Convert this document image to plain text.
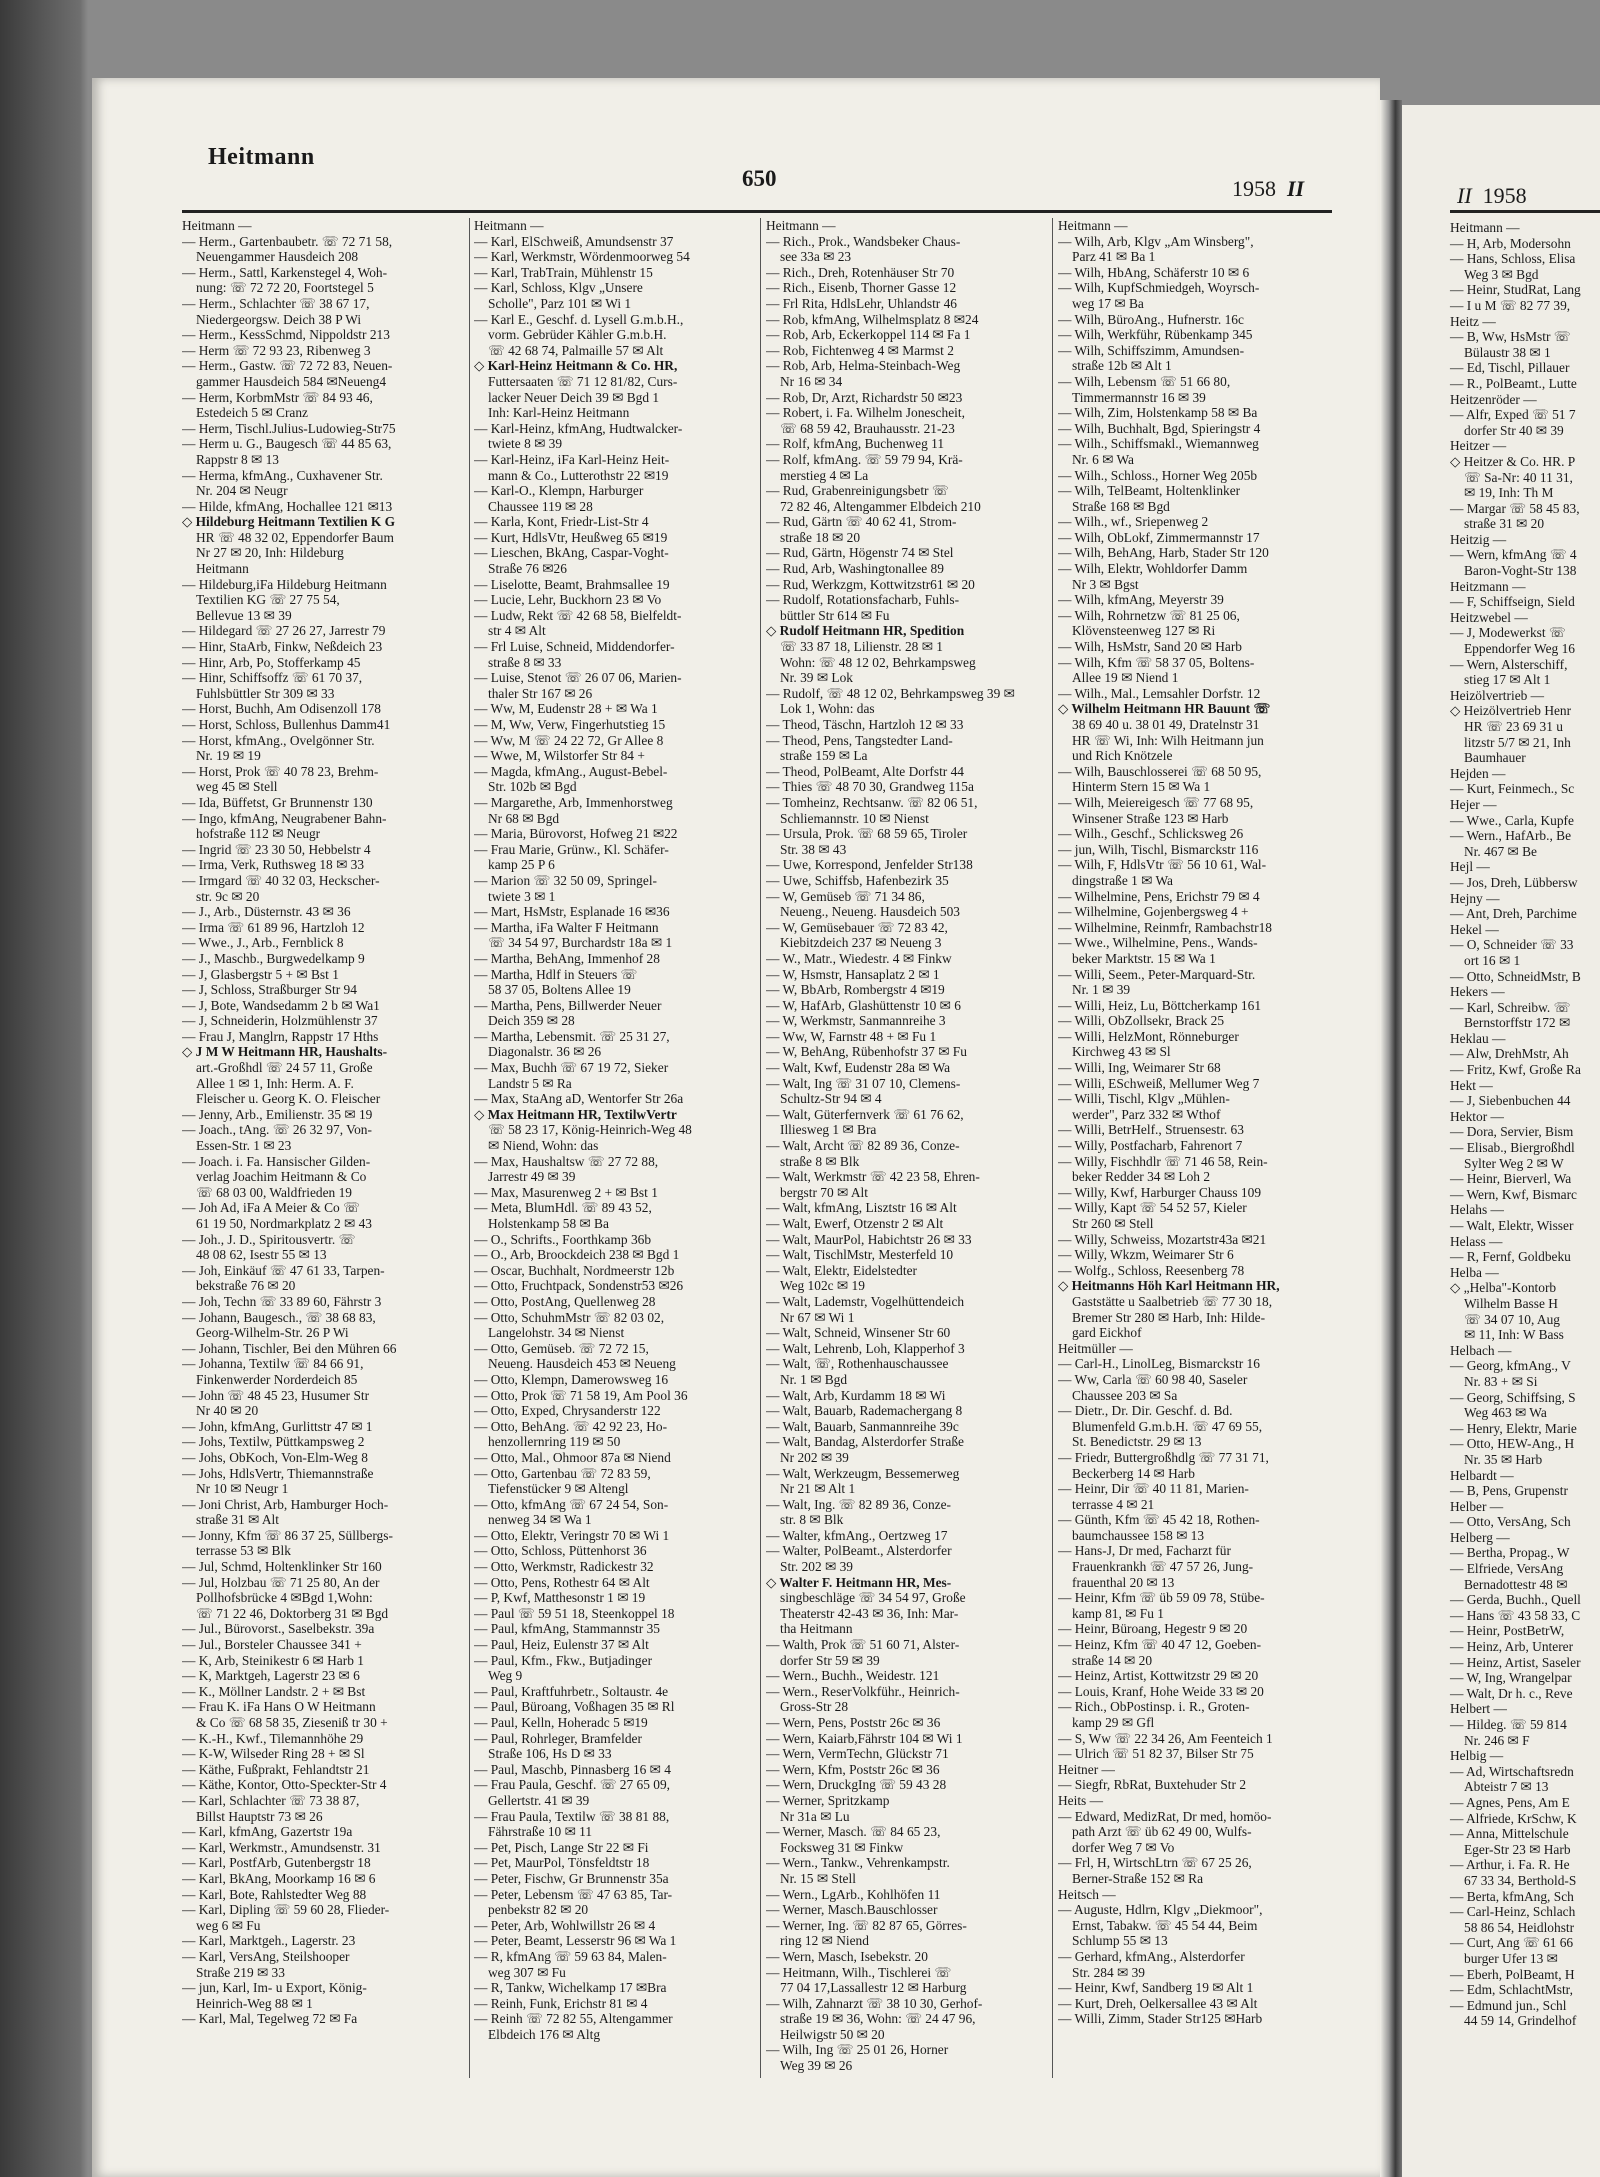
Heitmann
650	1958 II
Heitmann —
— Herm., Gartenbaubetr. ☏ 72 71 58,
Neuengammer Hausdeich 208
— Herm., Sattl, Karkenstegel 4, Woh-
nung: ☏ 72 72 20, Foortstegel 5
— Herm., Schlachter ☏ 38 67 17,
Niedergeorgsw. Deich 38 P Wi
— Herm., KessSchmd, Nippoldstr 213
— Herm ☏ 72 93 23, Ribenweg 3
— Herm., Gastw. ☏ 72 72 83, Neuen-
gammer Hausdeich 584 ✉Neueng4
— Herm, KorbmMstr ☏ 84 93 46,
Estedeich 5 ✉ Cranz
— Herm, Tischl.Julius-Ludowieg-Str75
— Herm u. G., Baugesch ☏ 44 85 63,
Rappstr 8 ✉ 13
— Herma, kfmAng., Cuxhavener Str.
Nr. 204 ✉ Neugr
— Hilde, kfmAng, Hochallee 121 ✉13
◇ Hildeburg Heitmann Textilien K G
HR ☏ 48 32 02, Eppendorfer Baum
Nr 27 ✉ 20, Inh: Hildeburg
Heitmann
— Hildeburg,iFa Hildeburg Heitmann
Textilien KG ☏ 27 75 54,
Bellevue 13 ✉ 39
— Hildegard ☏ 27 26 27, Jarrestr 79
— Hinr, StaArb, Finkw, Neßdeich 23
— Hinr, Arb, Po, Stofferkamp 45
— Hinr, Schiffsoffz ☏ 61 70 37,
Fuhlsbüttler Str 309 ✉ 33
— Horst, Buchh, Am Odisenzoll 178
— Horst, Schloss, Bullenhus Damm41
— Horst, kfmAng., Ovelgönner Str.
Nr. 19 ✉ 19
— Horst, Prok ☏ 40 78 23, Brehm-
weg 45 ✉ Stell
— Ida, Büffetst, Gr Brunnenstr 130
— Ingo, kfmAng, Neugrabener Bahn-
hofstraße 112 ✉ Neugr
— Ingrid ☏ 23 30 50, Hebbelstr 4
— Irma, Verk, Ruthsweg 18 ✉ 33
— Irmgard ☏ 40 32 03, Heckscher-
str. 9c ✉ 20
— J., Arb., Düsternstr. 43 ✉ 36
— Irma ☏ 61 89 96, Hartzloh 12
— Wwe., J., Arb., Fernblick 8
— J., Maschb., Burgwedelkamp 9
— J, Glasbergstr 5 + ✉ Bst 1
— J, Schloss, Straßburger Str 94
— J, Bote, Wandsedamm 2 b ✉ Wa1
— J, Schneiderin, Holzmühlenstr 37
— Frau J, Manglrn, Rappstr 17 Hths
◇ J M W Heitmann HR, Haushalts-
art.-Großhdl ☏ 24 57 11, Große
Allee 1 ✉ 1, Inh: Herm. A. F.
Fleischer u. Georg K. O. Fleischer
— Jenny, Arb., Emilienstr. 35 ✉ 19
— Joach., tAng. ☏ 26 32 97, Von-
Essen-Str. 1 ✉ 23
— Joach. i. Fa. Hansischer Gilden-
verlag Joachim Heitmann & Co
☏ 68 03 00, Waldfrieden 19
— Joh Ad, iFa A Meier & Co ☏
61 19 50, Nordmarkplatz 2 ✉ 43
— Joh., J. D., Spiritousvertr. ☏
48 08 62, Isestr 55 ✉ 13
— Joh, Einkäuf ☏ 47 61 33, Tarpen-
bekstraße 76 ✉ 20
— Joh, Techn ☏ 33 89 60, Fährstr 3
— Johann, Baugesch., ☏ 38 68 83,
Georg-Wilhelm-Str. 26 P Wi
— Johann, Tischler, Bei den Mühren 66
— Johanna, Textilw ☏ 84 66 91,
Finkenwerder Norderdeich 85
— John ☏ 48 45 23, Husumer Str
Nr 40 ✉ 20
— John, kfmAng, Gurlittstr 47 ✉ 1
— Johs, Textilw, Püttkampsweg 2
— Johs, ObKoch, Von-Elm-Weg 8
— Johs, HdlsVertr, Thiemannstraße
Nr 10 ✉ Neugr 1
— Joni Christ, Arb, Hamburger Hoch-
straße 31 ✉ Alt
— Jonny, Kfm ☏ 86 37 25, Süllbergs-
terrasse 53 ✉ Blk
— Jul, Schmd, Holtenklinker Str 160
— Jul, Holzbau ☏ 71 25 80, An der
Pollhofsbrücke 4 ✉Bgd 1,Wohn:
☏ 71 22 46, Doktorberg 31 ✉ Bgd
— Jul., Bürovorst., Saselbekstr. 39a
— Jul., Borsteler Chaussee 341 +
— K, Arb, Steinikestr 6 ✉ Harb 1
— K, Marktgeh, Lagerstr 23 ✉ 6
— K., Möllner Landstr. 2 + ✉ Bst
— Frau K. iFa Hans O W Heitmann
& Co ☏ 68 58 35, Zieseniß tr 30 +
— K.-H., Kwf., Tilemannhöhe 29
— K-W, Wilseder Ring 28 + ✉ Sl
— Käthe, Fußprakt, Fehlandtstr 21
— Käthe, Kontor, Otto-Speckter-Str 4
— Karl, Schlachter ☏ 73 38 87,
Billst Hauptstr 73 ✉ 26
— Karl, kfmAng, Gazertstr 19a
— Karl, Werkmstr., Amundsenstr. 31
— Karl, PostfArb, Gutenbergstr 18
— Karl, BkAng, Moorkamp 16 ✉ 6
— Karl, Bote, Rahlstedter Weg 88
— Karl, Dipling ☏ 59 60 28, Flieder-
weg 6 ✉ Fu
— Karl, Marktgeh., Lagerstr. 23
— Karl, VersAng, Steilshooper
Straße 219 ✉ 33
— jun, Karl, Im- u Export, König-
Heinrich-Weg 88 ✉ 1
— Karl, Mal, Tegelweg 72 ✉ Fa
Heitmann —
— Karl, ElSchweiß, Amundsenstr 37
— Karl, Werkmstr, Wördenmoorweg 54
— Karl, TrabTrain, Mühlenstr 15
— Karl, Schloss, Klgv „Unsere
Scholle", Parz 101 ✉ Wi 1
— Karl E., Geschf. d. Lysell G.m.b.H.,
vorm. Gebrüder Kähler G.m.b.H.
☏ 42 68 74, Palmaille 57 ✉ Alt
◇ Karl-Heinz Heitmann & Co. HR,
Futtersaaten ☏ 71 12 81/82, Curs-
lacker Neuer Deich 39 ✉ Bgd 1
Inh: Karl-Heinz Heitmann
— Karl-Heinz, kfmAng, Hudtwalcker-
twiete 8 ✉ 39
— Karl-Heinz, iFa Karl-Heinz Heit-
mann & Co., Lutterothstr 22 ✉19
— Karl-O., Klempn, Harburger
Chaussee 119 ✉ 28
— Karla, Kont, Friedr-List-Str 4
— Kurt, HdlsVtr, Heußweg 65 ✉19
— Lieschen, BkAng, Caspar-Voght-
Straße 76 ✉26
— Liselotte, Beamt, Brahmsallee 19
— Lucie, Lehr, Buckhorn 23 ✉ Vo
— Ludw, Rekt ☏ 42 68 58, Bielfeldt-
str 4 ✉ Alt
— Frl Luise, Schneid, Middendorfer-
straße 8 ✉ 33
— Luise, Stenot ☏ 26 07 06, Marien-
thaler Str 167 ✉ 26
— Ww, M, Eudenstr 28 + ✉ Wa 1
— M, Ww, Verw, Fingerhutstieg 15
— Ww, M ☏ 24 22 72, Gr Allee 8
— Wwe, M, Wilstorfer Str 84 +
— Magda, kfmAng., August-Bebel-
Str. 102b ✉ Bgd
— Margarethe, Arb, Immenhorstweg
Nr 68 ✉ Bgd
— Maria, Bürovorst, Hofweg 21 ✉22
— Frau Marie, Grünw., Kl. Schäfer-
kamp 25 P 6
— Marion ☏ 32 50 09, Springel-
twiete 3 ✉ 1
— Mart, HsMstr, Esplanade 16 ✉36
— Martha, iFa Walter F Heitmann
☏ 34 54 97, Burchardstr 18a ✉ 1
— Martha, BehAng, Immenhof 28
— Martha, Hdlf in Steuers ☏
58 37 05, Boltens Allee 19
— Martha, Pens, Billwerder Neuer
Deich 359 ✉ 28
— Martha, Lebensmit. ☏ 25 31 27,
Diagonalstr. 36 ✉ 26
— Max, Buchh ☏ 67 19 72, Sieker
Landstr 5 ✉ Ra
— Max, StaAng aD, Wentorfer Str 26a
◇ Max Heitmann HR, TextilwVertr
☏ 58 23 17, König-Heinrich-Weg 48
✉ Niend, Wohn: das
— Max, Haushaltsw ☏ 27 72 88,
Jarrestr 49 ✉ 39
— Max, Masurenweg 2 + ✉ Bst 1
— Meta, BlumHdl. ☏ 89 43 52,
Holstenkamp 58 ✉ Ba
— O., Schrifts., Foorthkamp 36b
— O., Arb, Broockdeich 238 ✉ Bgd 1
— Oscar, Buchhalt, Nordmeerstr 12b
— Otto, Fruchtpack, Sondenstr53 ✉26
— Otto, PostAng, Quellenweg 28
— Otto, SchuhmMstr ☏ 82 03 02,
Langelohstr. 34 ✉ Nienst
— Otto, Gemüseb. ☏ 72 72 15,
Neueng. Hausdeich 453 ✉ Neueng
— Otto, Klempn, Damerowsweg 16
— Otto, Prok ☏ 71 58 19, Am Pool 36
— Otto, Exped, Chrysanderstr 122
— Otto, BehAng. ☏ 42 92 23, Ho-
henzollernring 119 ✉ 50
— Otto, Mal., Ohmoor 87a ✉ Niend
— Otto, Gartenbau ☏ 72 83 59,
Tiefenstücker 9 ✉ Altengl
— Otto, kfmAng ☏ 67 24 54, Son-
nenweg 34 ✉ Wa 1
— Otto, Elektr, Veringstr 70 ✉ Wi 1
— Otto, Schloss, Püttenhorst 36
— Otto, Werkmstr, Radickestr 32
— Otto, Pens, Rothestr 64 ✉ Alt
— P, Kwf, Matthesonstr 1 ✉ 19
— Paul ☏ 59 51 18, Steenkoppel 18
— Paul, kfmAng, Stammannstr 35
— Paul, Heiz, Eulenstr 37 ✉ Alt
— Paul, Kfm., Fkw., Butjadinger
Weg 9
— Paul, Kraftfuhrbetr., Soltaustr. 4e
— Paul, Büroang, Voßhagen 35 ✉ Rl
— Paul, Kelln, Hoheradc 5 ✉19
— Paul, Rohrleger, Bramfelder
Straße 106, Hs D ✉ 33
— Paul, Maschb, Pinnasberg 16 ✉ 4
— Frau Paula, Geschf. ☏ 27 65 09,
Gellertstr. 41 ✉ 39
— Frau Paula, Textilw ☏ 38 81 88,
Fährstraße 10 ✉ 11
— Pet, Pisch, Lange Str 22 ✉ Fi
— Pet, MaurPol, Tönsfeldtstr 18
— Peter, Fischw, Gr Brunnenstr 35a
— Peter, Lebensm ☏ 47 63 85, Tar-
penbekstr 82 ✉ 20
— Peter, Arb, Wohlwillstr 26 ✉ 4
— Peter, Beamt, Lesserstr 96 ✉ Wa 1
— R, kfmAng ☏ 59 63 84, Malen-
weg 307 ✉ Fu
— R, Tankw, Wichelkamp 17 ✉Bra
— Reinh, Funk, Erichstr 81 ✉ 4
— Reinh ☏ 72 82 55, Altengammer
Elbdeich 176 ✉ Altg
Heitmann —
— Rich., Prok., Wandsbeker Chaus-
see 33a ✉ 23
— Rich., Dreh, Rotenhäuser Str 70
— Rich., Eisenb, Thorner Gasse 12
— Frl Rita, HdlsLehr, Uhlandstr 46
— Rob, kfmAng, Wilhelmsplatz 8 ✉24
— Rob, Arb, Eckerkoppel 114 ✉ Fa 1
— Rob, Fichtenweg 4 ✉ Marmst 2
— Rob, Arb, Helma-Steinbach-Weg
Nr 16 ✉ 34
— Rob, Dr, Arzt, Richardstr 50 ✉23
— Robert, i. Fa. Wilhelm Jonescheit,
☏ 68 59 42, Brauhausstr. 21-23
— Rolf, kfmAng, Buchenweg 11
— Rolf, kfmAng. ☏ 59 79 94, Krä-
merstieg 4 ✉ La
— Rud, Grabenreinigungsbetr ☏
72 82 46, Altengammer Elbdeich 210
— Rud, Gärtn ☏ 40 62 41, Strom-
straße 18 ✉ 20
— Rud, Gärtn, Högenstr 74 ✉ Stel
— Rud, Arb, Washingtonallee 89
— Rud, Werkzgm, Kottwitzstr61 ✉ 20
— Rudolf, Rotationsfacharb, Fuhls-
büttler Str 614 ✉ Fu
◇ Rudolf Heitmann HR, Spedition
☏ 33 87 18, Lilienstr. 28 ✉ 1
Wohn: ☏ 48 12 02, Behrkampsweg
Nr. 39 ✉ Lok
— Rudolf, ☏ 48 12 02, Behrkampsweg 39 ✉
Lok 1, Wohn: das
— Theod, Täschn, Hartzloh 12 ✉ 33
— Theod, Pens, Tangstedter Land-
straße 159 ✉ La
— Theod, PolBeamt, Alte Dorfstr 44
— Thies ☏ 48 70 30, Grandweg 115a
— Tomheinz, Rechtsanw. ☏ 82 06 51,
Schliemannstr. 10 ✉ Nienst
— Ursula, Prok. ☏ 68 59 65, Tiroler
Str. 38 ✉ 43
— Uwe, Korrespond, Jenfelder Str138
— Uwe, Schiffsb, Hafenbezirk 35
— W, Gemüseb ☏ 71 34 86,
Neueng., Neueng. Hausdeich 503
— W, Gemüsebauer ☏ 72 83 42,
Kiebitzdeich 237 ✉ Neueng 3
— W., Matr., Wiedestr. 4 ✉ Finkw
— W, Hsmstr, Hansaplatz 2 ✉ 1
— W, BbArb, Rombergstr 4 ✉19
— W, HafArb, Glashüttenstr 10 ✉ 6
— W, Werkmstr, Sanmannreihe 3
— Ww, W, Farnstr 48 + ✉ Fu 1
— W, BehAng, Rübenhofstr 37 ✉ Fu
— Walt, Kwf, Eudenstr 28a ✉ Wa
— Walt, Ing ☏ 31 07 10, Clemens-
Schultz-Str 94 ✉ 4
— Walt, Güterfernverk ☏ 61 76 62,
Illiesweg 1 ✉ Bra
— Walt, Archt ☏ 82 89 36, Conze-
straße 8 ✉ Blk
— Walt, Werkmstr ☏ 42 23 58, Ehren-
bergstr 70 ✉ Alt
— Walt, kfmAng, Lisztstr 16 ✉ Alt
— Walt, Ewerf, Otzenstr 2 ✉ Alt
— Walt, MaurPol, Habichtstr 26 ✉ 33
— Walt, TischlMstr, Mesterfeld 10
— Walt, Elektr, Eidelstedter
Weg 102c ✉ 19
— Walt, Lademstr, Vogelhüttendeich
Nr 67 ✉ Wi 1
— Walt, Schneid, Winsener Str 60
— Walt, Lehrenb, Loh, Klapperhof 3
— Walt, ☏, Rothenhauschaussee
Nr. 1 ✉ Bgd
— Walt, Arb, Kurdamm 18 ✉ Wi
— Walt, Bauarb, Rademachergang 8
— Walt, Bauarb, Sanmannreihe 39c
— Walt, Bandag, Alsterdorfer Straße
Nr 202 ✉ 39
— Walt, Werkzeugm, Bessemerweg
Nr 21 ✉ Alt 1
— Walt, Ing. ☏ 82 89 36, Conze-
str. 8 ✉ Blk
— Walter, kfmAng., Oertzweg 17
— Walter, PolBeamt., Alsterdorfer
Str. 202 ✉ 39
◇ Walter F. Heitmann HR, Mes-
singbeschläge ☏ 34 54 97, Große
Theaterstr 42-43 ✉ 36, Inh: Mar-
tha Heitmann
— Walth, Prok ☏ 51 60 71, Alster-
dorfer Str 59 ✉ 39
— Wern., Buchh., Weidestr. 121
— Wern., ReserVolkführ., Heinrich-
Gross-Str 28
— Wern, Pens, Poststr 26c ✉ 36
— Wern, Kaiarb,Fährstr 104 ✉ Wi 1
— Wern, VermTechn, Glückstr 71
— Wern, Kfm, Poststr 26c ✉ 36
— Wern, DruckgIng ☏ 59 43 28
— Werner, Spritzkamp
Nr 31a ✉ Lu
— Werner, Masch. ☏ 84 65 23,
Focksweg 31 ✉ Finkw
— Wern., Tankw., Vehrenkampstr.
Nr. 15 ✉ Stell
— Wern., LgArb., Kohlhöfen 11
— Werner, Masch.Bauschlosser
— Werner, Ing. ☏ 82 87 65, Görres-
ring 12 ✉ Niend
— Wern, Masch, Isebekstr. 20
— Heitmann, Wilh., Tischlerei ☏
77 04 17,Lassallestr 12 ✉ Harburg
— Wilh, Zahnarzt ☏ 38 10 30, Gerhof-
straße 19 ✉ 36, Wohn: ☏ 24 47 96,
Heilwigstr 50 ✉ 20
— Wilh, Ing ☏ 25 01 26, Horner
Weg 39 ✉ 26
Heitmann —
— Wilh, Arb, Klgv „Am Winsberg",
Parz 41 ✉ Ba 1
— Wilh, HbAng, Schäferstr 10 ✉ 6
— Wilh, KupfSchmiedgeh, Woyrsch-
weg 17 ✉ Ba
— Wilh, BüroAng., Hufnerstr. 16c
— Wilh, Werkführ, Rübenkamp 345
— Wilh, Schiffszimm, Amundsen-
straße 12b ✉ Alt 1
— Wilh, Lebensm ☏ 51 66 80,
Timmermannstr 16 ✉ 39
— Wilh, Zim, Holstenkamp 58 ✉ Ba
— Wilh, Buchhalt, Bgd, Spieringstr 4
— Wilh., Schiffsmakl., Wiemannweg
Nr. 6 ✉ Wa
— Wilh., Schloss., Horner Weg 205b
— Wilh, TelBeamt, Holtenklinker
Straße 168 ✉ Bgd
— Wilh., wf., Sriepenweg 2
— Wilh, ObLokf, Zimmermannstr 17
— Wilh, BehAng, Harb, Stader Str 120
— Wilh, Elektr, Wohldorfer Damm
Nr 3 ✉ Bgst
— Wilh, kfmAng, Meyerstr 39
— Wilh, Rohrnetzw ☏ 81 25 06,
Klövensteenweg 127 ✉ Ri
— Wilh, HsMstr, Sand 20 ✉ Harb
— Wilh, Kfm ☏ 58 37 05, Boltens-
Allee 19 ✉ Niend 1
— Wilh., Mal., Lemsahler Dorfstr. 12
◇ Wilhelm Heitmann HR Bauunt ☏
38 69 40 u. 38 01 49, Dratelnstr 31
HR ☏ Wi, Inh: Wilh Heitmann jun
und Rich Knötzele
— Wilh, Bauschlosserei ☏ 68 50 95,
Hinterm Stern 15 ✉ Wa 1
— Wilh, Meiereigesch ☏ 77 68 95,
Winsener Straße 123 ✉ Harb
— Wilh., Geschf., Schlicksweg 26
— jun, Wilh, Tischl, Bismarckstr 116
— Wilh, F, HdlsVtr ☏ 56 10 61, Wal-
dingstraße 1 ✉ Wa
— Wilhelmine, Pens, Erichstr 79 ✉ 4
— Wilhelmine, Gojenbergsweg 4 +
— Wilhelmine, Reinmfr, Rambachstr18
— Wwe., Wilhelmine, Pens., Wands-
beker Marktstr. 15 ✉ Wa 1
— Willi, Seem., Peter-Marquard-Str.
Nr. 1 ✉ 39
— Willi, Heiz, Lu, Böttcherkamp 161
— Willi, ObZollsekr, Brack 25
— Willi, HelzMont, Rönneburger
Kirchweg 43 ✉ Sl
— Willi, Ing, Weimarer Str 68
— Willi, ESchweiß, Mellumer Weg 7
— Willi, Tischl, Klgv „Mühlen-
werder", Parz 332 ✉ Wthof
— Willi, BetrHelf., Struensestr. 63
— Willy, Postfacharb, Fahrenort 7
— Willy, Fischhdlr ☏ 71 46 58, Rein-
beker Redder 34 ✉ Loh 2
— Willy, Kwf, Harburger Chauss 109
— Willy, Kapt ☏ 54 52 57, Kieler
Str 260 ✉ Stell
— Willy, Schweiss, Mozartstr43a ✉21
— Willy, Wkzm, Weimarer Str 6
— Wolfg., Schloss, Reesenberg 78
◇ Heitmanns Höh Karl Heitmann HR,
Gaststätte u Saalbetrieb ☏ 77 30 18,
Bremer Str 280 ✉ Harb, Inh: Hilde-
gard Eickhof
Heitmüller —
— Carl-H., LinolLeg, Bismarckstr 16
— Ww, Carla ☏ 60 98 40, Saseler
Chaussee 203 ✉ Sa
— Dietr., Dr. Dir. Geschf. d. Bd.
Blumenfeld G.m.b.H. ☏ 47 69 55,
St. Benedictstr. 29 ✉ 13
— Friedr, Buttergroßhdlg ☏ 77 31 71,
Beckerberg 14 ✉ Harb
— Heinr, Dir ☏ 40 11 81, Marien-
terrasse 4 ✉ 21
— Günth, Kfm ☏ 45 42 18, Rothen-
baumchaussee 158 ✉ 13
— Hans-J, Dr med, Facharzt für
Frauenkrankh ☏ 47 57 26, Jung-
frauenthal 20 ✉ 13
— Heinr, Kfm ☏ üb 59 09 78, Stübe-
kamp 81, ✉ Fu 1
— Heinr, Büroang, Hegestr 9 ✉ 20
— Heinz, Kfm ☏ 40 47 12, Goeben-
straße 14 ✉ 20
— Heinz, Artist, Kottwitzstr 29 ✉ 20
— Louis, Kranf, Hohe Weide 33 ✉ 20
— Rich., ObPostinsp. i. R., Groten-
kamp 29 ✉ Gfl
— S, Ww ☏ 22 34 26, Am Feenteich 1
— Ulrich ☏ 51 82 37, Bilser Str 75
Heitner —
— Siegfr, RbRat, Buxtehuder Str 2
Heits —
— Edward, MedizRat, Dr med, homöo-
path Arzt ☏ üb 62 49 00, Wulfs-
dorfer Weg 7 ✉ Vo
— Frl, H, WirtschLtrn ☏ 67 25 26,
Berner-Straße 152 ✉ Ra
Heitsch —
— Auguste, Hdlrn, Klgv „Diekmoor",
Ernst, Tabakw. ☏ 45 54 44, Beim
Schlump 55 ✉ 13
— Gerhard, kfmAng., Alsterdorfer
Str. 284 ✉ 39
— Heinr, Kwf, Sandberg 19 ✉ Alt 1
— Kurt, Dreh, Oelkersallee 43 ✉ Alt
— Willi, Zimm, Stader Str125 ✉Harb
II 1958
Heitmann —
— H, Arb, Modersohn
— Hans, Schloss, Elisa
Weg 3 ✉ Bgd
— Heinr, StudRat, Lang
— I u M ☏ 82 77 39,
Heitz —
— B, Ww, HsMstr ☏
Bülaustr 38 ✉ 1
— Ed, Tischl, Pillauer
— R., PolBeamt., Lutte
Heitzenröder —
— Alfr, Exped ☏ 51 7
dorfer Str 40 ✉ 39
Heitzer —
◇ Heitzer & Co. HR. P
☏ Sa-Nr: 40 11 31,
✉ 19, Inh: Th M
— Margar ☏ 58 45 83,
straße 31 ✉ 20
Heitzig —
— Wern, kfmAng ☏ 4
Baron-Voght-Str 138
Heitzmann —
— F, Schiffseign, Sield
Heitzwebel —
— J, Modewerkst ☏
Eppendorfer Weg 16
— Wern, Alsterschiff,
stieg 17 ✉ Alt 1
Heizölvertrieb —
◇ Heizölvertrieb Henr
HR ☏ 23 69 31 u
litzstr 5/7 ✉ 21, Inh
Baumhauer
Hejden —
— Kurt, Feinmech., Sc
Hejer —
— Wwe., Carla, Kupfe
— Wern., HafArb., Be
Nr. 467 ✉ Be
Hejl —
— Jos, Dreh, Lübbersw
Hejny —
— Ant, Dreh, Parchime
Hekel —
— O, Schneider ☏ 33
ort 16 ✉ 1
— Otto, SchneidMstr, B
Hekers —
— Karl, Schreibw. ☏
Bernstorffstr 172 ✉
Heklau —
— Alw, DrehMstr, Ah
— Fritz, Kwf, Große Ra
Hekt —
— J, Siebenbuchen 44
Hektor —
— Dora, Servier, Bism
— Elisab., Biergroßhdl
Sylter Weg 2 ✉ W
— Heinr, Bierverl, Wa
— Wern, Kwf, Bismarc
Helahs —
— Walt, Elektr, Wisser
Helass —
— R, Fernf, Goldbeku
Helba —
◇ „Helba"-Kontorb
Wilhelm Basse H
☏ 34 07 10, Aug
✉ 11, Inh: W Bass
Helbach —
— Georg, kfmAng., V
Nr. 83 + ✉ Si
— Georg, Schiffsing, S
Weg 463 ✉ Wa
— Henry, Elektr, Marie
— Otto, HEW-Ang., H
Nr. 35 ✉ Harb
Helbardt —
— B, Pens, Grupenstr
Helber —
— Otto, VersAng, Sch
Helberg —
— Bertha, Propag., W
— Elfriede, VersAng
Bernadottestr 48 ✉
— Gerda, Buchh., Quell
— Hans ☏ 43 58 33, C
— Heinr, PostBetrW,
— Heinz, Arb, Unterer
— Heinz, Artist, Saseler
— W, Ing, Wrangelpar
— Walt, Dr h. c., Reve
Helbert —
— Hildeg. ☏ 59 814
Nr. 246 ✉ F
Helbig —
— Ad, Wirtschaftsredn
Abteistr 7 ✉ 13
— Agnes, Pens, Am E
— Alfriede, KrSchw, K
— Anna, Mittelschule
Eger-Str 23 ✉ Harb
— Arthur, i. Fa. R. He
67 33 34, Berthold-S
— Berta, kfmAng, Sch
— Carl-Heinz, Schlach
58 86 54, Heidlohstr
— Curt, Ang ☏ 61 66
burger Ufer 13 ✉
— Eberh, PolBeamt, H
— Edm, SchlachtMstr,
— Edmund jun., Schl
44 59 14, Grindelhof
